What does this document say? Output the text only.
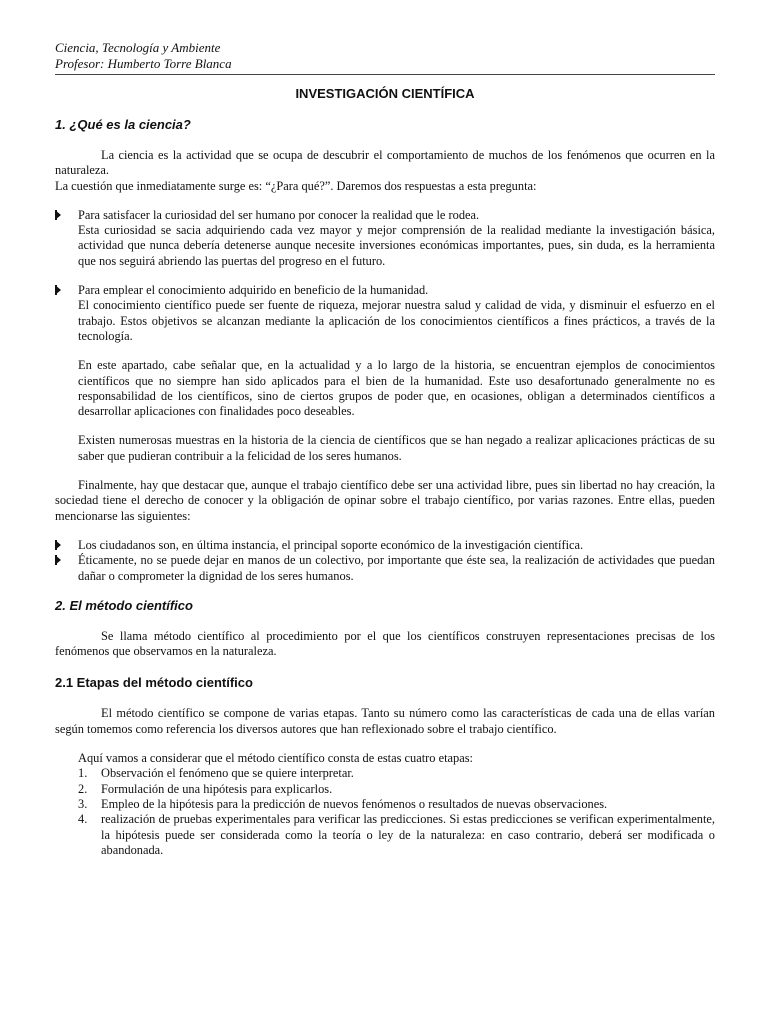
Ciencia, Tecnología y Ambiente
Profesor: Humberto Torre Blanca
INVESTIGACIÓN CIENTÍFICA
1. ¿Qué es la ciencia?
La ciencia es la actividad que se ocupa de descubrir el comportamiento de muchos de los fenómenos que ocurren en la naturaleza.
La cuestión que inmediatamente surge es: “¿Para qué?”. Daremos dos respuestas a esta pregunta:
Para satisfacer la curiosidad del ser humano por conocer la realidad que le rodea.
Esta curiosidad se sacia adquiriendo cada vez mayor y mejor comprensión de la realidad mediante la investigación básica, actividad que nunca debería detenerse aunque necesite inversiones económicas importantes, pues, sin duda, es la herramienta que nos seguirá abriendo las puertas del progreso en el futuro.
Para emplear el conocimiento adquirido en beneficio de la humanidad.
El conocimiento científico puede ser fuente de riqueza, mejorar nuestra salud y calidad de vida, y disminuir el esfuerzo en el trabajo. Estos objetivos se alcanzan mediante la aplicación de los conocimientos científicos a fines prácticos, a través de la tecnología.
En este apartado, cabe señalar que, en la actualidad y a lo largo de la historia, se encuentran ejemplos de conocimientos científicos que no siempre han sido aplicados para el bien de la humanidad. Este uso desafortunado generalmente no es responsabilidad de los científicos, sino de ciertos grupos de poder que, en ocasiones, obligan a determinados científicos a desarrollar aplicaciones con finalidades poco deseables.
Existen numerosas muestras en la historia de la ciencia de científicos que se han negado a realizar aplicaciones prácticas de su saber que pudieran contribuir a la felicidad de los seres humanos.
Finalmente, hay que destacar que, aunque el trabajo científico debe ser una actividad libre, pues sin libertad no hay creación, la sociedad tiene el derecho de conocer y la obligación de opinar sobre el trabajo científico, por varias razones. Entre ellas, pueden mencionarse las siguientes:
Los ciudadanos son, en última instancia, el principal soporte económico de la investigación científica.
Éticamente, no se puede dejar en manos de un colectivo, por importante que éste sea, la realización de actividades que puedan dañar o comprometer la dignidad de los seres humanos.
2. El método científico
Se llama método científico al procedimiento por el que los científicos construyen representaciones precisas de los fenómenos que observamos en la naturaleza.
2.1 Etapas del método científico
El método científico se compone de varias etapas. Tanto su número como las características de cada una de ellas varían según tomemos como referencia los diversos autores que han reflexionado sobre el trabajo científico.
Aquí vamos a considerar que el método científico consta de estas cuatro etapas:
1. Observación el fenómeno que se quiere interpretar.
2. Formulación de una hipótesis para explicarlos.
3. Empleo de la hipótesis para la predicción de nuevos fenómenos o resultados de nuevas observaciones.
4. realización de pruebas experimentales para verificar las predicciones. Si estas predicciones se verifican experimentalmente, la hipótesis puede ser considerada como la teoría o ley de la naturaleza: en caso contrario, deberá ser modificada o abandonada.
